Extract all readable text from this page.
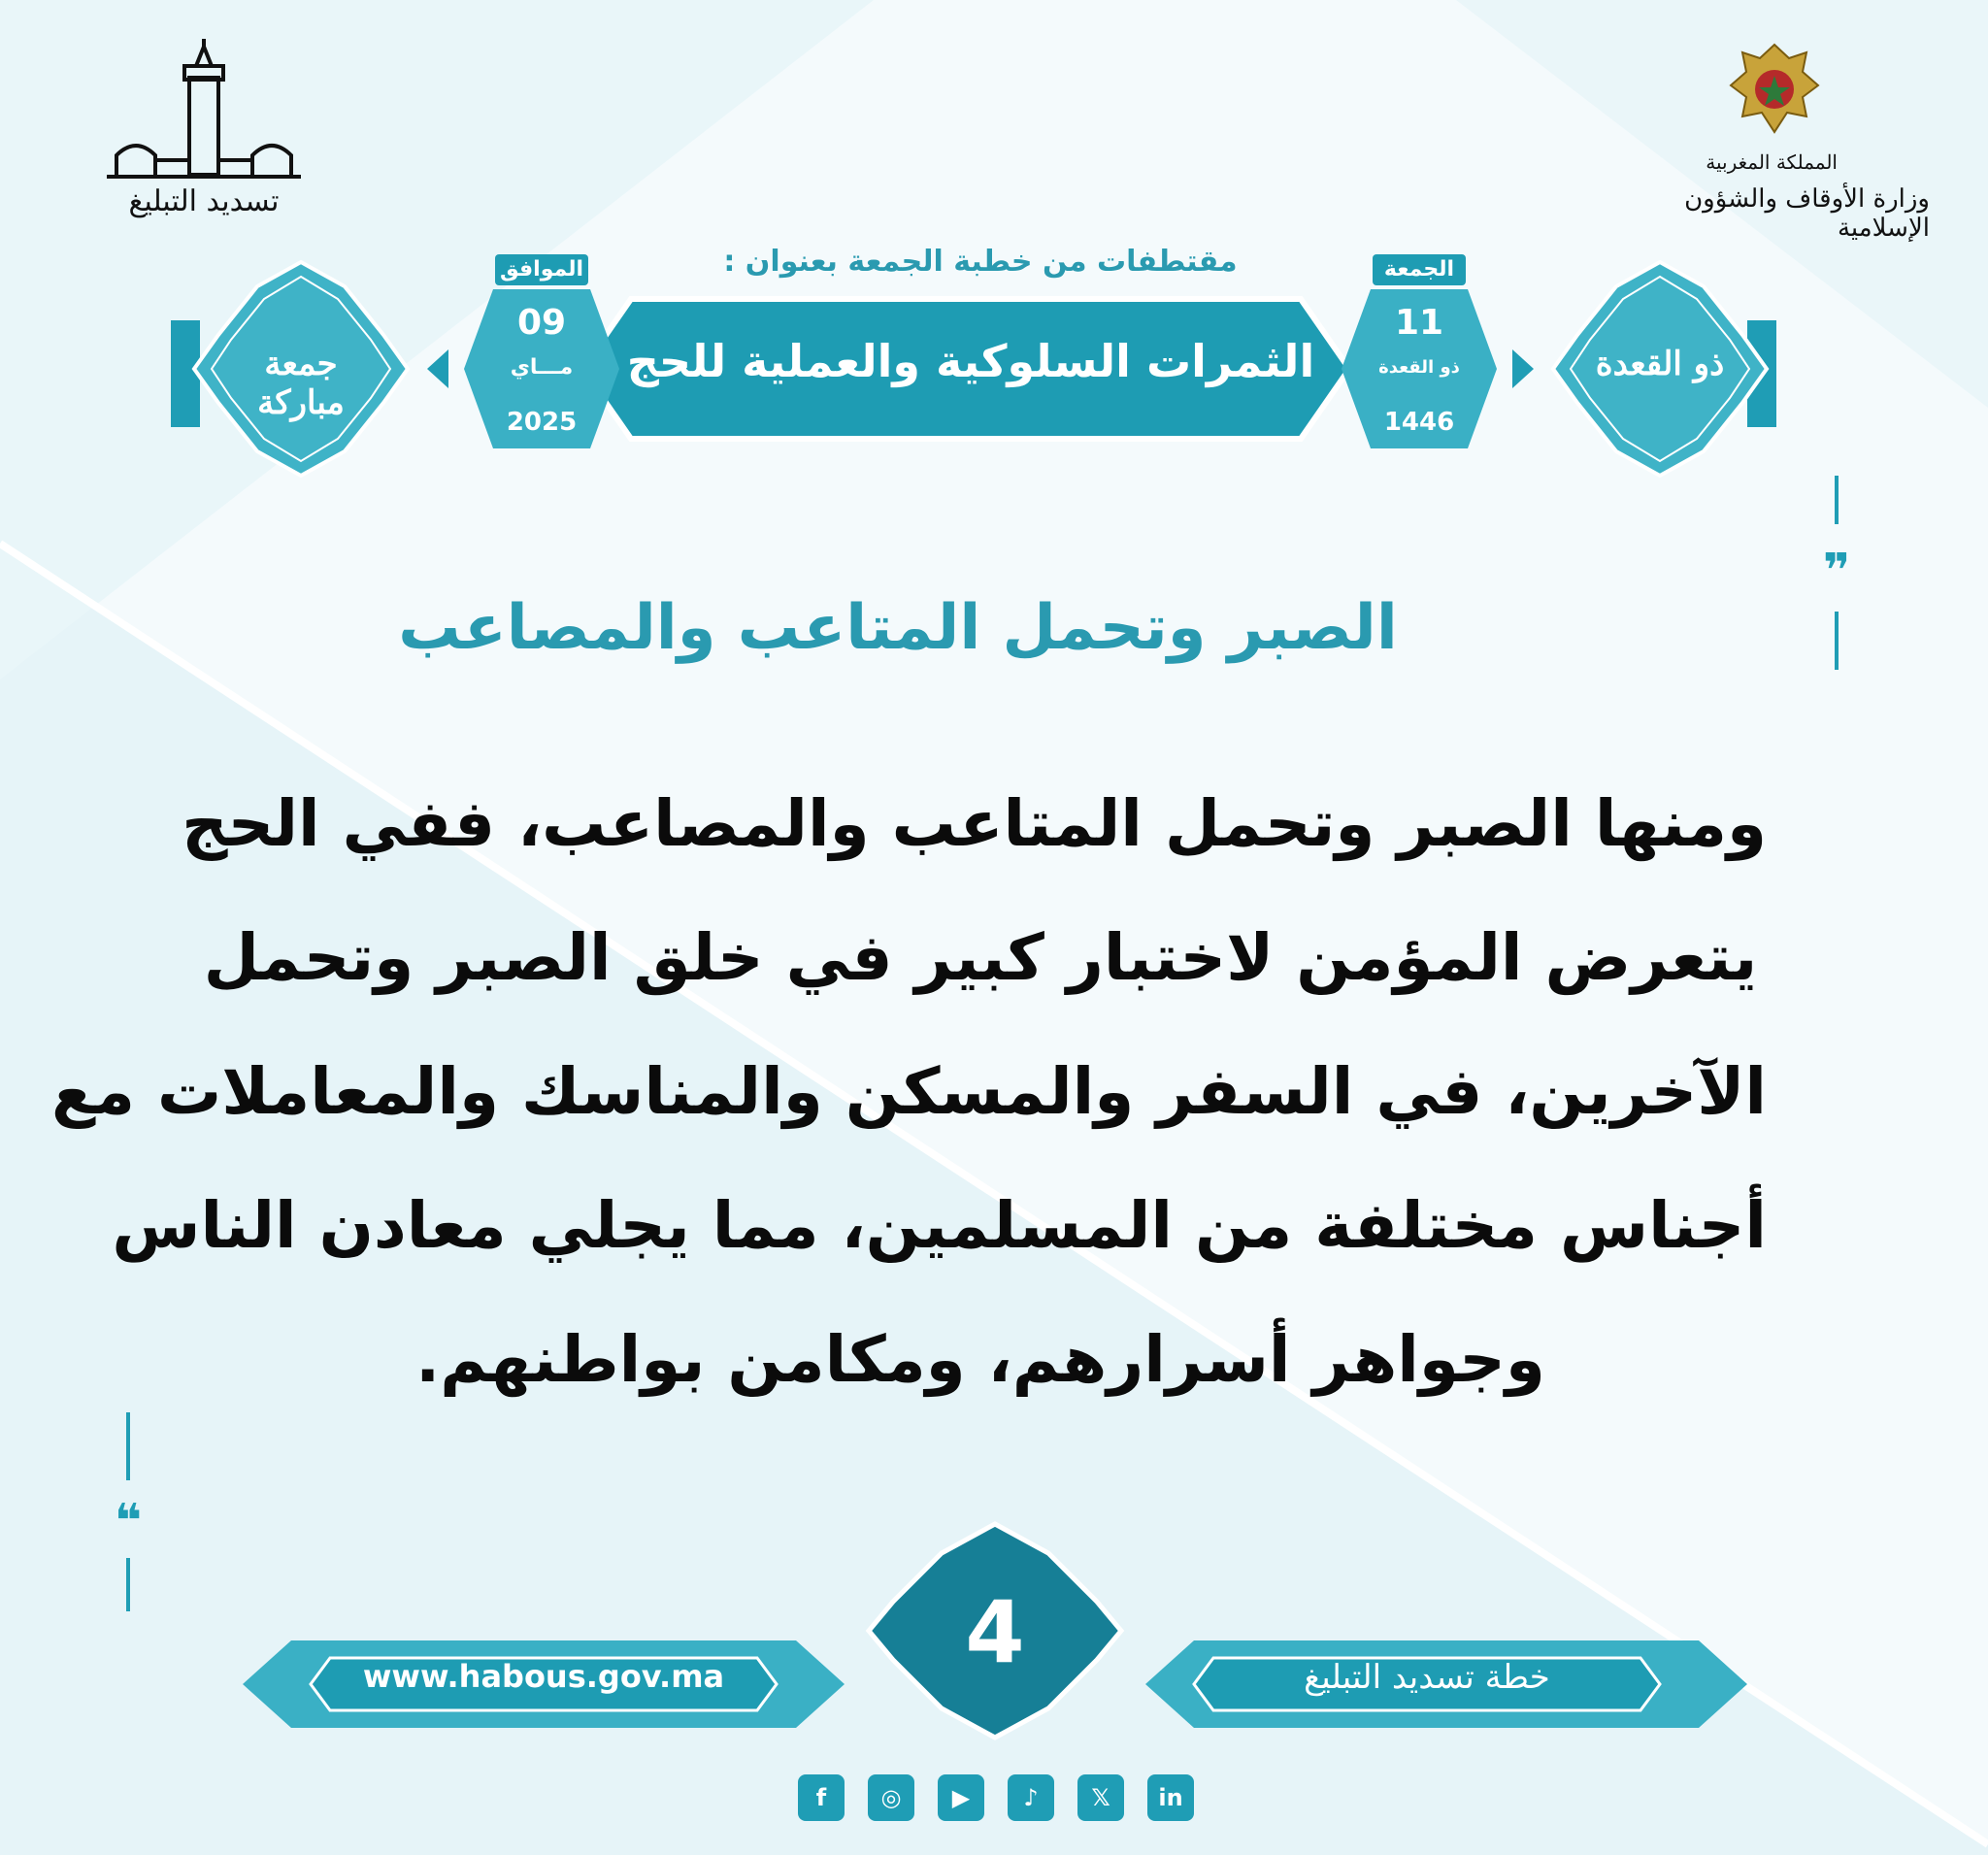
تسديد التبليغ
المملكة المغربية
وزارة الأوقاف والشؤون الإسلامية
مقتطفات من خطبة الجمعة بعنوان :
جمعة مباركة
ذو القعدة
الثمرات السلوكية والعملية للحج
الموافق
09
مـــاي
2025
الجمعة
11
ذو القعدة
1446
❞
❝
الصبر وتحمل المتاعب والمصاعب
ومنها الصبر وتحمل المتاعب والمصاعب، ففي الحج
يتعرض المؤمن لاختبار كبير في خلق الصبر وتحمل
الآخرين، في السفر والمسكن والمناسك والمعاملات مع
أجناس مختلفة من المسلمين، مما يجلي معادن الناس
وجواهر أسرارهم، ومكامن بواطنهم.
www.habous.gov.ma	خطة تسديد التبليغ
4
f	◎	▶	♪	𝕏	in
